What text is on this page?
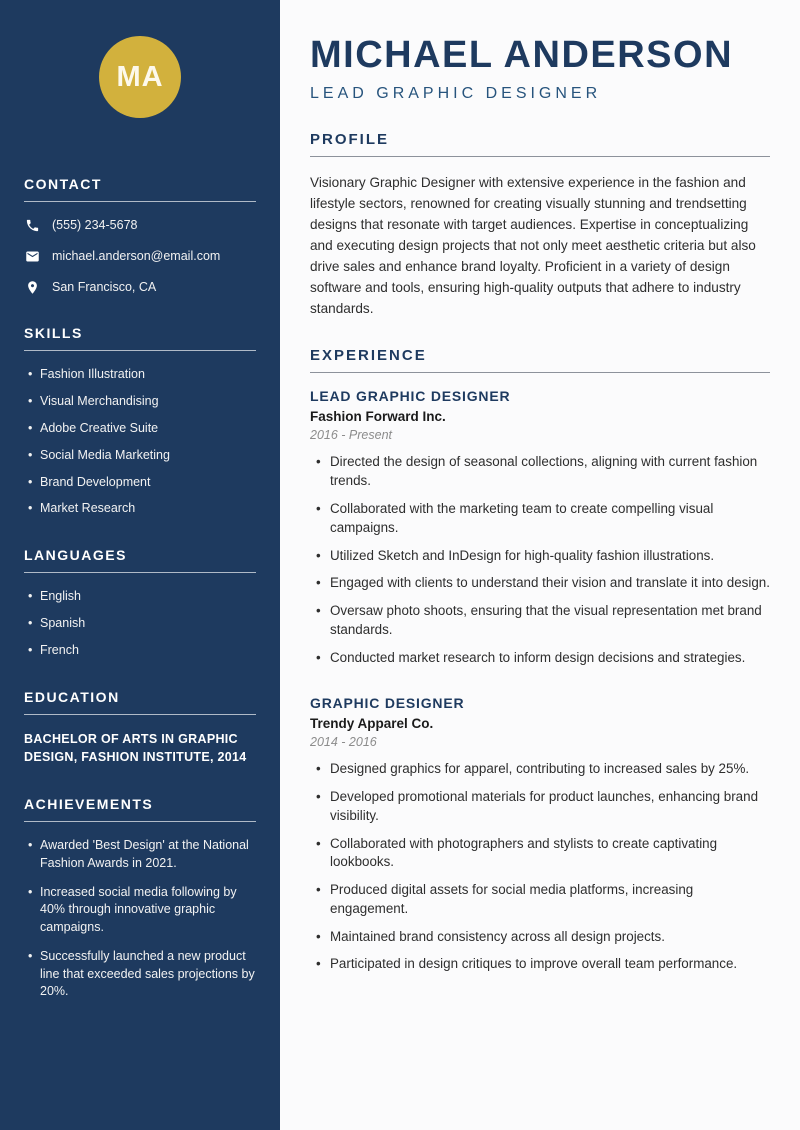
MA
CONTACT
(555) 234-5678
michael.anderson@email.com
San Francisco, CA
SKILLS
• Fashion Illustration
• Visual Merchandising
• Adobe Creative Suite
• Social Media Marketing
• Brand Development
• Market Research
LANGUAGES
• English
• Spanish
• French
EDUCATION
BACHELOR OF ARTS IN GRAPHIC DESIGN, FASHION INSTITUTE, 2014
ACHIEVEMENTS
• Awarded 'Best Design' at the National Fashion Awards in 2021.
• Increased social media following by 40% through innovative graphic campaigns.
• Successfully launched a new product line that exceeded sales projections by 20%.
MICHAEL ANDERSON
LEAD GRAPHIC DESIGNER
PROFILE

Visionary Graphic Designer with extensive experience in the fashion and lifestyle sectors, renowned for creating visually stunning and trendsetting designs that resonate with target audiences. Expertise in conceptualizing and executing design projects that not only meet aesthetic criteria but also drive sales and enhance brand loyalty. Proficient in a variety of design software and tools, ensuring high-quality outputs that adhere to industry standards.

EXPERIENCE
LEAD GRAPHIC DESIGNER
Fashion Forward Inc.
2016 - Present
• Directed the design of seasonal collections, aligning with current fashion trends.
• Collaborated with the marketing team to create compelling visual campaigns.
• Utilized Sketch and InDesign for high-quality fashion illustrations.
• Engaged with clients to understand their vision and translate it into design.
• Oversaw photo shoots, ensuring that the visual representation met brand standards.
• Conducted market research to inform design decisions and strategies.
GRAPHIC DESIGNER
Trendy Apparel Co.
2014 - 2016
• Designed graphics for apparel, contributing to increased sales by 25%.
• Developed promotional materials for product launches, enhancing brand visibility.
• Collaborated with photographers and stylists to create captivating lookbooks.
• Produced digital assets for social media platforms, increasing engagement.
• Maintained brand consistency across all design projects.
• Participated in design critiques to improve overall team performance.
